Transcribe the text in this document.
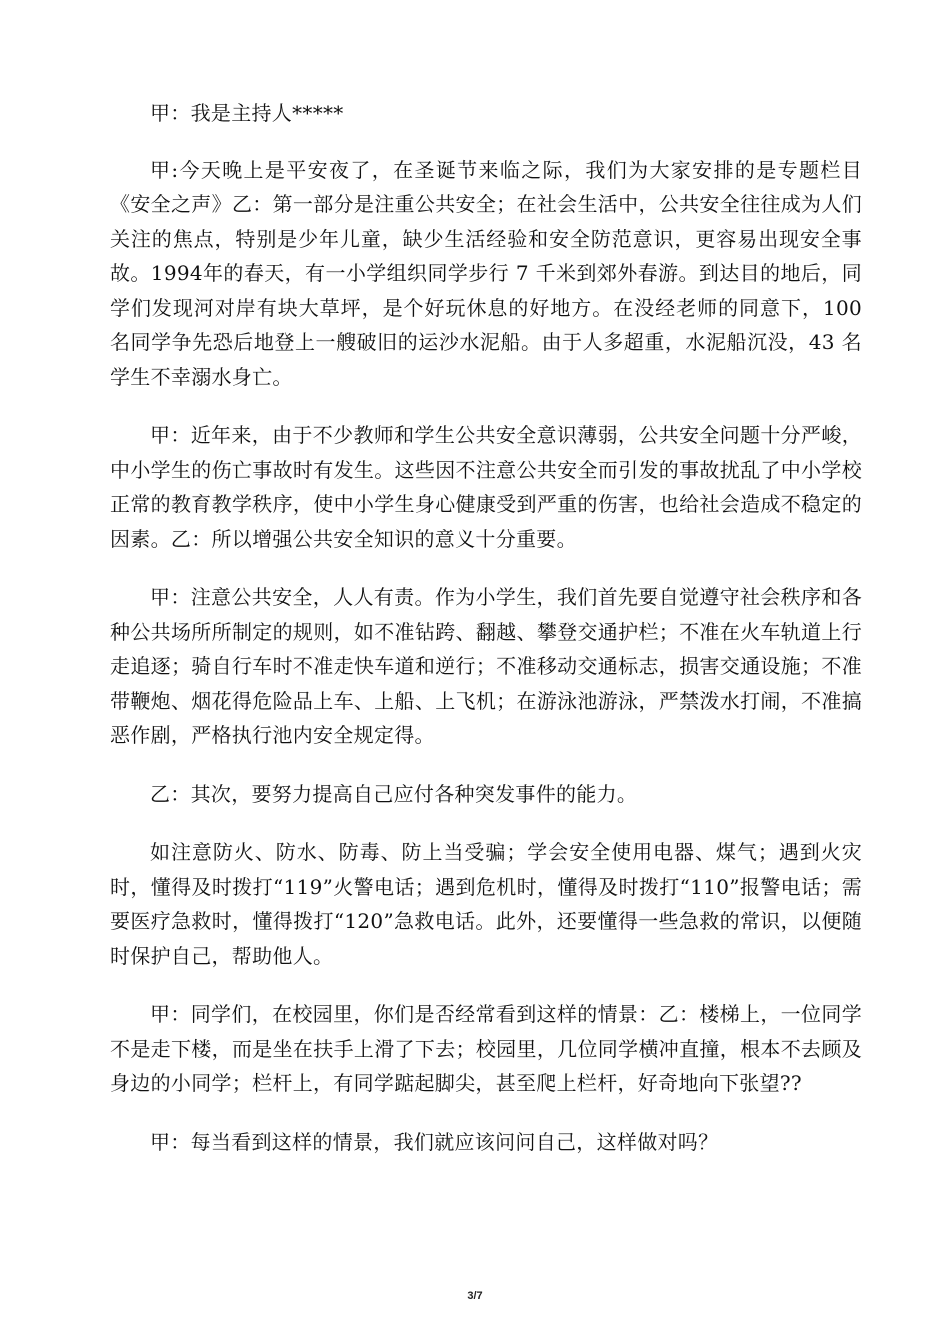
甲：我是主持人*****

甲:今天晚上是平安夜了，在圣诞节来临之际，我们为大家安排的是专题栏目《安全之声》乙：第一部分是注重公共安全；在社会生活中，公共安全往往成为人们关注的焦点，特别是少年儿童，缺少生活经验和安全防范意识，更容易出现安全事故。1994年的春天，有一小学组织同学步行 7 千米到郊外春游。到达目的地后，同学们发现河对岸有块大草坪，是个好玩休息的好地方。在没经老师的同意下，100 名同学争先恐后地登上一艘破旧的运沙水泥船。由于人多超重，水泥船沉没，43 名学生不幸溺水身亡。

甲：近年来，由于不少教师和学生公共安全意识薄弱，公共安全问题十分严峻，中小学生的伤亡事故时有发生。这些因不注意公共安全而引发的事故扰乱了中小学校正常的教育教学秩序，使中小学生身心健康受到严重的伤害，也给社会造成不稳定的因素。乙：所以增强公共安全知识的意义十分重要。

甲：注意公共安全，人人有责。作为小学生，我们首先要自觉遵守社会秩序和各种公共场所所制定的规则，如不准钻跨、翻越、攀登交通护栏；不准在火车轨道上行走追逐；骑自行车时不准走快车道和逆行；不准移动交通标志，损害交通设施；不准带鞭炮、烟花得危险品上车、上船、上飞机；在游泳池游泳，严禁泼水打闹，不准搞恶作剧，严格执行池内安全规定得。

乙：其次，要努力提高自己应付各种突发事件的能力。

如注意防火、防水、防毒、防上当受骗；学会安全使用电器、煤气；遇到火灾时，懂得及时拨打“119”火警电话；遇到危机时，懂得及时拨打“110”报警电话；需要医疗急救时，懂得拨打“120”急救电话。此外，还要懂得一些急救的常识，以便随时保护自己，帮助他人。

甲：同学们，在校园里，你们是否经常看到这样的情景：乙：楼梯上，一位同学不是走下楼，而是坐在扶手上滑了下去；校园里，几位同学横冲直撞，根本不去顾及身边的小同学；栏杆上，有同学踮起脚尖，甚至爬上栏杆，好奇地向下张望??

甲：每当看到这样的情景，我们就应该问问自己，这样做对吗？

3/7
